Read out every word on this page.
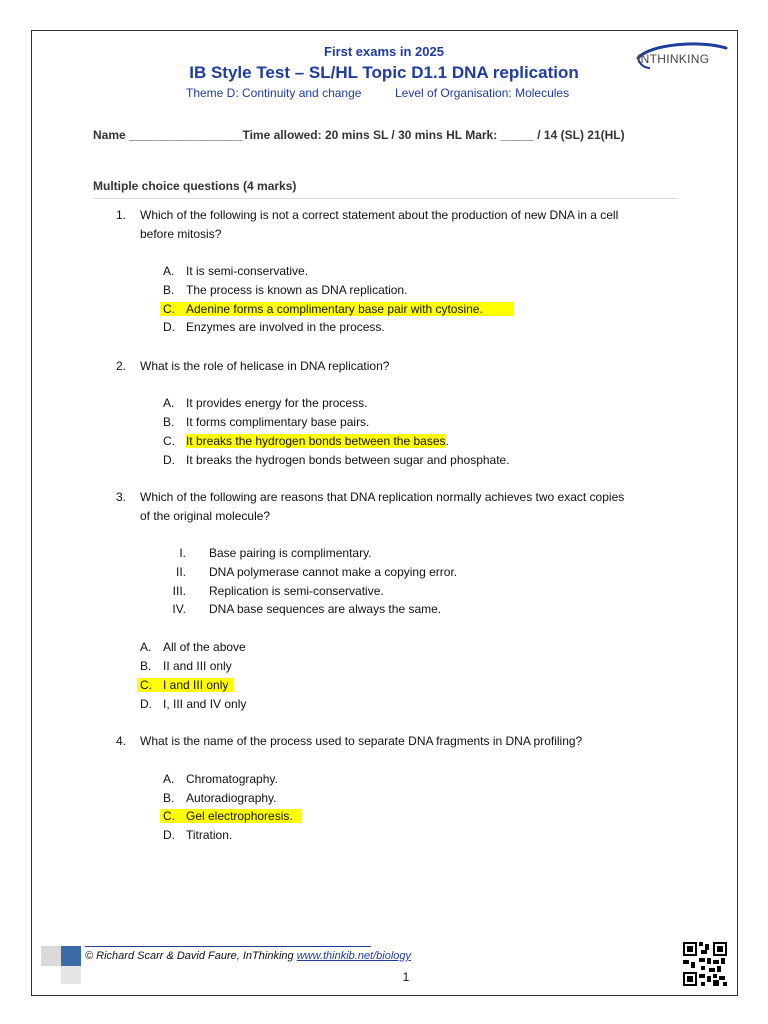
First exams in 2025
IB Style Test – SL/HL Topic D1.1 DNA replication
Theme D: Continuity and change	Level of Organisation: Molecules
INTHINKING
Name _________________Time allowed: 20 mins SL / 30 mins HL Mark: _____ / 14 (SL) 21(HL)
Multiple choice questions (4 marks)
1. Which of the following is not a correct statement about the production of new DNA in a cell
before mitosis?
A. It is semi-conservative.
B. The process is known as DNA replication.
C. Adenine forms a complimentary base pair with cytosine.
D. Enzymes are involved in the process.
2. What is the role of helicase in DNA replication?
A. It provides energy for the process.
B. It forms complimentary base pairs.
C. It breaks the hydrogen bonds between the bases.
D. It breaks the hydrogen bonds between sugar and phosphate.
3. Which of the following are reasons that DNA replication normally achieves two exact copies
of the original molecule?
I. Base pairing is complimentary.
II. DNA polymerase cannot make a copying error.
III. Replication is semi-conservative.
IV. DNA base sequences are always the same.
A. All of the above
B. II and III only
C. I and III only
D. I, III and IV only
4. What is the name of the process used to separate DNA fragments in DNA profiling?
A. Chromatography.
B. Autoradiography.
C. Gel electrophoresis.
D. Titration.
© Richard Scarr & David Faure, InThinking www.thinkib.net/biology
1
